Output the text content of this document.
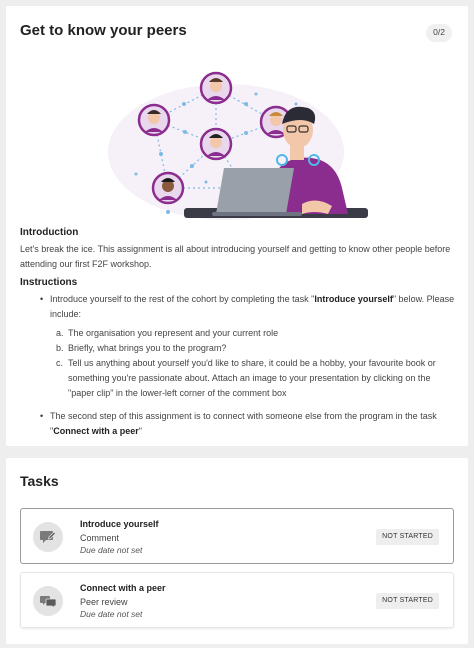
Get to know your peers	0/2
Introduction
Let's break the ice. This assignment is all about introducing yourself and getting to know other people before attending our first F2F workshop.
Instructions
• Introduce yourself to the rest of the cohort by completing the task "Introduce yourself" below. Please include:
a. The organisation you represent and your current role
b. Briefly, what brings you to the program?
c. Tell us anything about yourself you'd like to share, it could be a hobby, your favourite book or something you're passionate about. Attach an image to your presentation by clicking on the "paper clip" in the lower-left corner of the comment box
• The second step of this assignment is to connect with someone else from the program in the task "Connect with a peer"
Tasks
Introduce yourself
Comment
Due date not set
NOT STARTED
Connect with a peer
Peer review
Due date not set
NOT STARTED
